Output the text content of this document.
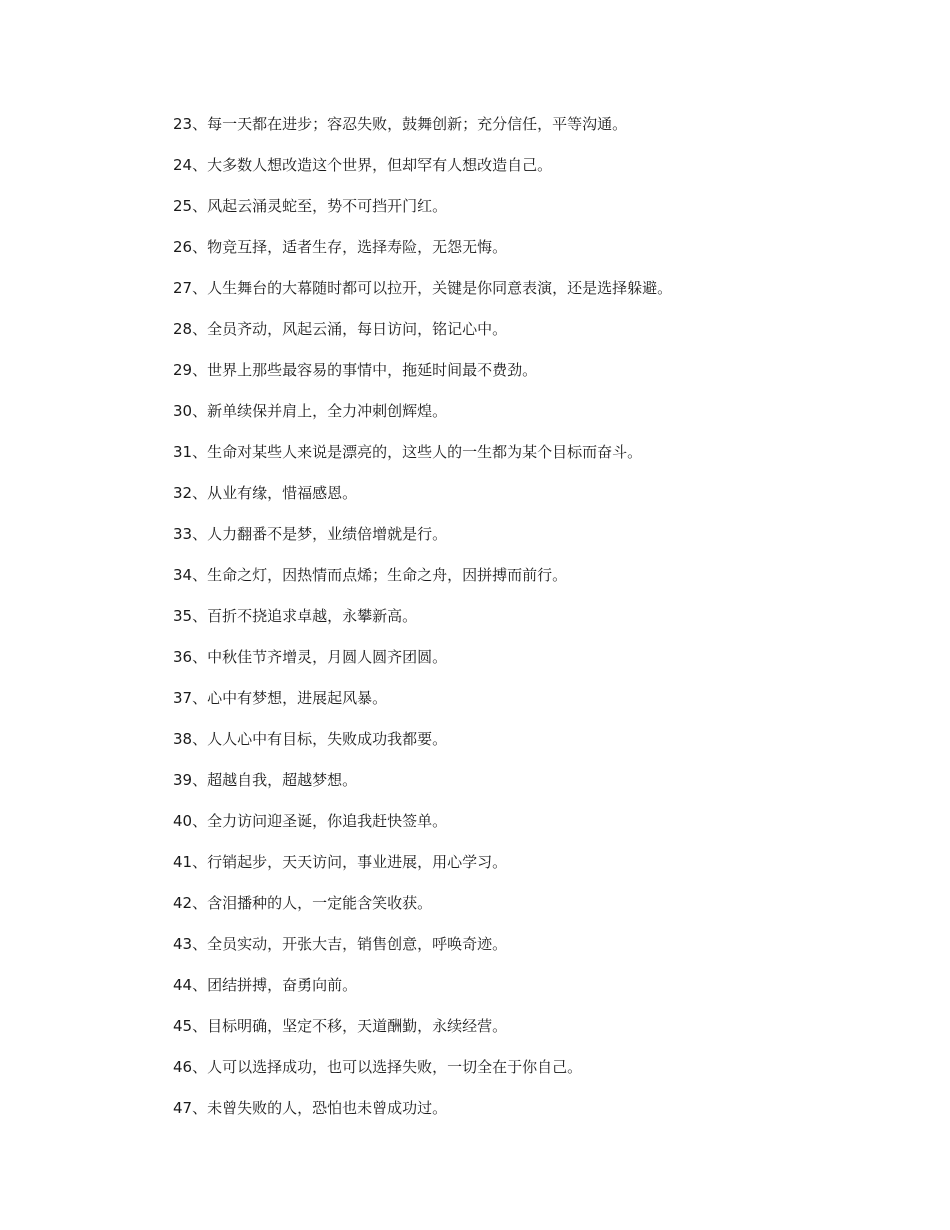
23、每一天都在进步；容忍失败，鼓舞创新；充分信任，平等沟通。
24、大多数人想改造这个世界，但却罕有人想改造自己。
25、风起云涌灵蛇至，势不可挡开门红。
26、物竞互择，适者生存，选择寿险，无怨无悔。
27、人生舞台的大幕随时都可以拉开，关键是你同意表演，还是选择躲避。
28、全员齐动，风起云涌，每日访问，铭记心中。
29、世界上那些最容易的事情中，拖延时间最不费劲。
30、新单续保并肩上，全力冲刺创辉煌。
31、生命对某些人来说是漂亮的，这些人的一生都为某个目标而奋斗。
32、从业有缘，惜福感恩。
33、人力翻番不是梦，业绩倍增就是行。
34、生命之灯，因热情而点烯；生命之舟，因拼搏而前行。
35、百折不挠追求卓越，永攀新高。
36、中秋佳节齐增灵，月圆人圆齐团圆。
37、心中有梦想，进展起风暴。
38、人人心中有目标，失败成功我都要。
39、超越自我，超越梦想。
40、全力访问迎圣诞，你追我赶快签单。
41、行销起步，天天访问，事业进展，用心学习。
42、含泪播种的人，一定能含笑收获。
43、全员实动，开张大吉，销售创意，呼唤奇迹。
44、团结拼搏，奋勇向前。
45、目标明确，坚定不移，天道酬勤，永续经营。
46、人可以选择成功，也可以选择失败，一切全在于你自己。
47、未曾失败的人，恐怕也未曾成功过。
